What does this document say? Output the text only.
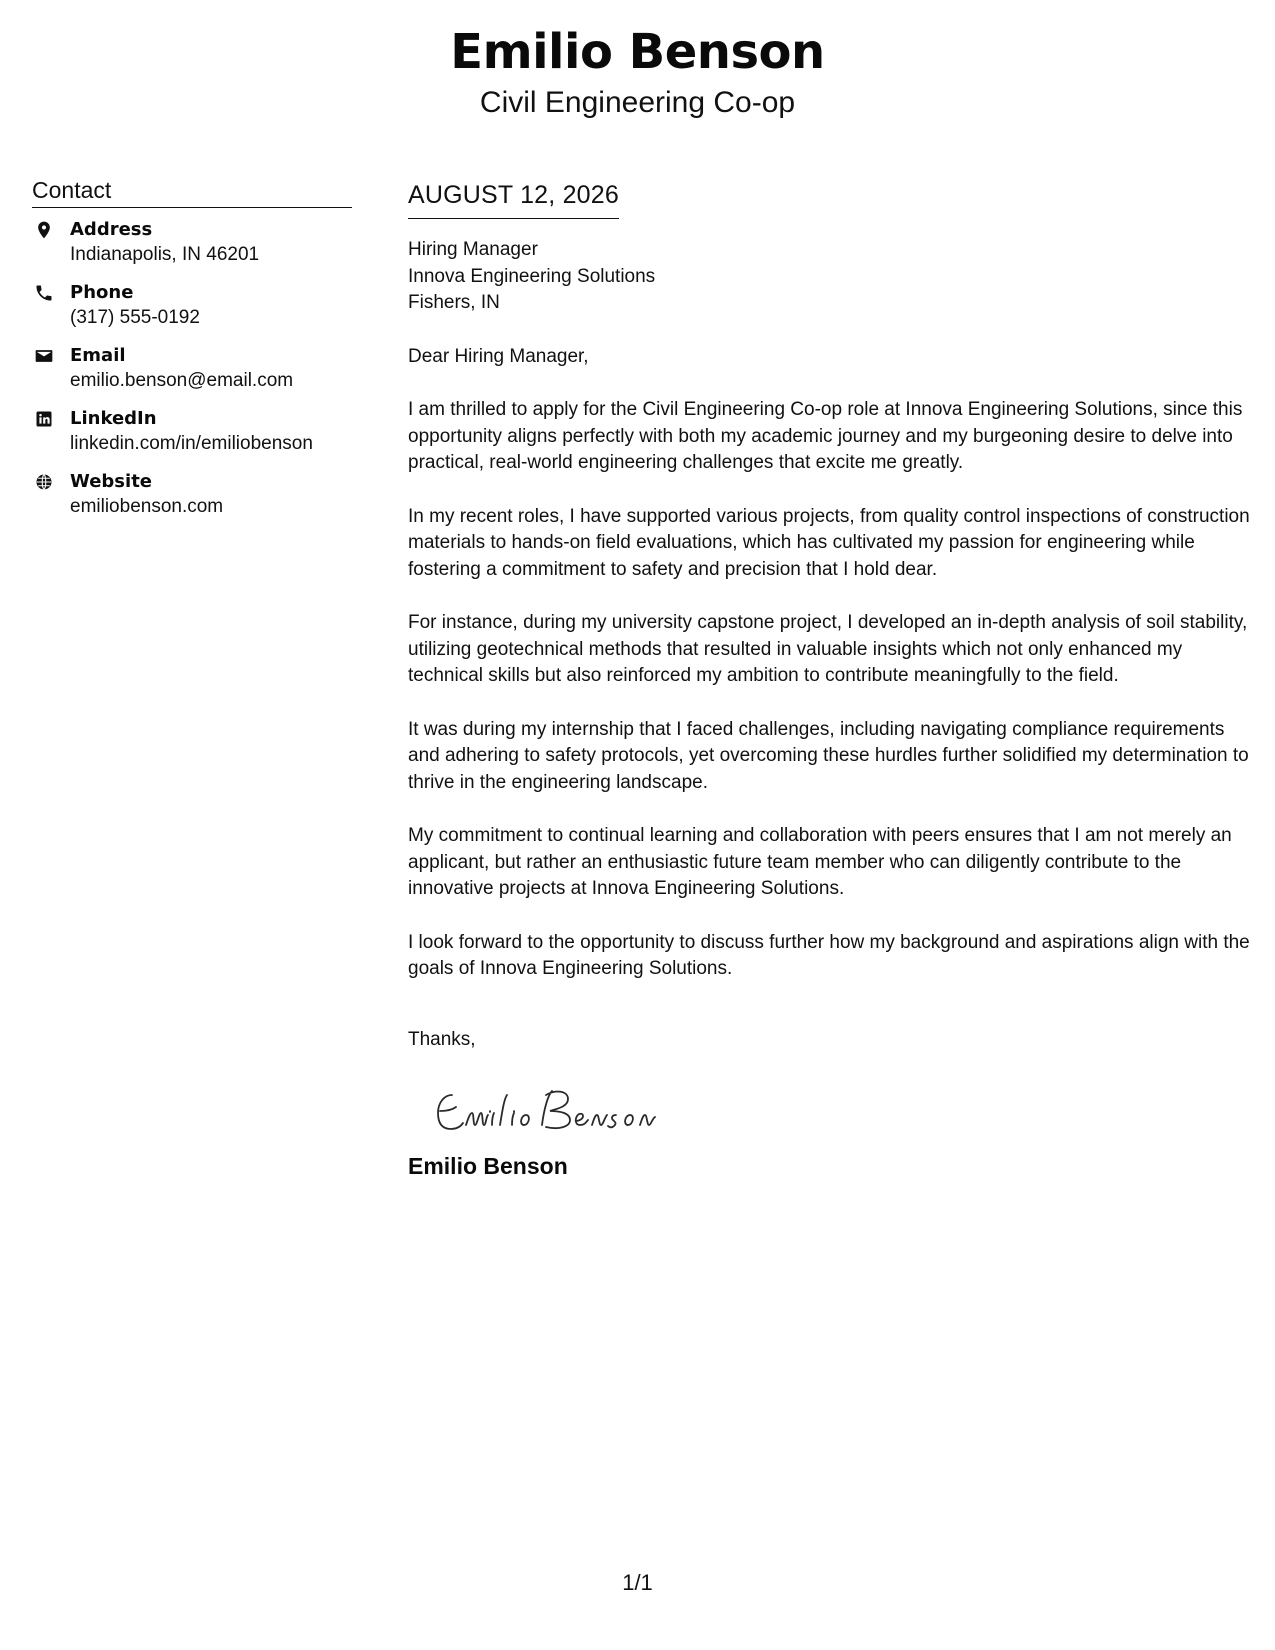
Emilio Benson
Civil Engineering Co-op
Contact
Address
Indianapolis, IN 46201
Phone
(317) 555-0192
Email
emilio.benson@email.com
LinkedIn
linkedin.com/in/emiliobenson
Website
emiliobenson.com
AUGUST 12, 2026
Hiring Manager
Innova Engineering Solutions
Fishers, IN
Dear Hiring Manager,
I am thrilled to apply for the Civil Engineering Co-op role at Innova Engineering Solutions, since this opportunity aligns perfectly with both my academic journey and my burgeoning desire to delve into practical, real-world engineering challenges that excite me greatly.
In my recent roles, I have supported various projects, from quality control inspections of construction materials to hands-on field evaluations, which has cultivated my passion for engineering while fostering a commitment to safety and precision that I hold dear.
For instance, during my university capstone project, I developed an in-depth analysis of soil stability, utilizing geotechnical methods that resulted in valuable insights which not only enhanced my technical skills but also reinforced my ambition to contribute meaningfully to the field.
It was during my internship that I faced challenges, including navigating compliance requirements and adhering to safety protocols, yet overcoming these hurdles further solidified my determination to thrive in the engineering landscape.
My commitment to continual learning and collaboration with peers ensures that I am not merely an applicant, but rather an enthusiastic future team member who can diligently contribute to the innovative projects at Innova Engineering Solutions.
I look forward to the opportunity to discuss further how my background and aspirations align with the goals of Innova Engineering Solutions.
Thanks,
Emilio Benson
1/1
